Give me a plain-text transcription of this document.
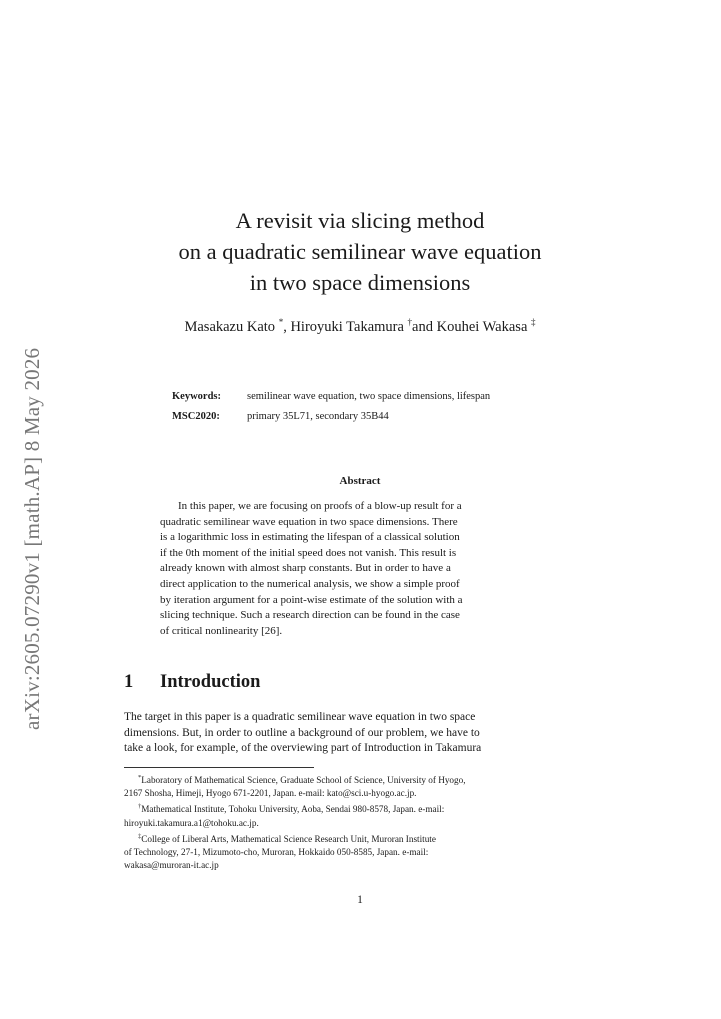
arXiv:2605.07290v1 [math.AP] 8 May 2026
A revisit via slicing method
on a quadratic semilinear wave equation
in two space dimensions
Masakazu Kato *, Hiroyuki Takamura †and Kouhei Wakasa ‡
Keywords: semilinear wave equation, two space dimensions, lifespan
MSC2020:	primary 35L71, secondary 35B44
Abstract
In this paper, we are focusing on proofs of a blow-up result for a
quadratic semilinear wave equation in two space dimensions. There
is a logarithmic loss in estimating the lifespan of a classical solution
if the 0th moment of the initial speed does not vanish. This result is
already known with almost sharp constants. But in order to have a
direct application to the numerical analysis, we show a simple proof
by iteration argument for a point-wise estimate of the solution with a
slicing technique. Such a research direction can be found in the case
of critical nonlinearity [26].
1 Introduction
The target in this paper is a quadratic semilinear wave equation in two space
dimensions. But, in order to outline a background of our problem, we have to
take a look, for example, of the overviewing part of Introduction in Takamura
*Laboratory of Mathematical Science, Graduate School of Science, University of Hyogo,
2167 Shosha, Himeji, Hyogo 671-2201, Japan. e-mail: kato@sci.u-hyogo.ac.jp.
†Mathematical Institute, Tohoku University, Aoba, Sendai 980-8578, Japan. e-mail:
hiroyuki.takamura.a1@tohoku.ac.jp.
‡College of Liberal Arts, Mathematical Science Research Unit, Muroran Institute
of Technology, 27-1, Mizumoto-cho, Muroran, Hokkaido 050-8585, Japan. e-mail:
wakasa@muroran-it.ac.jp
1
